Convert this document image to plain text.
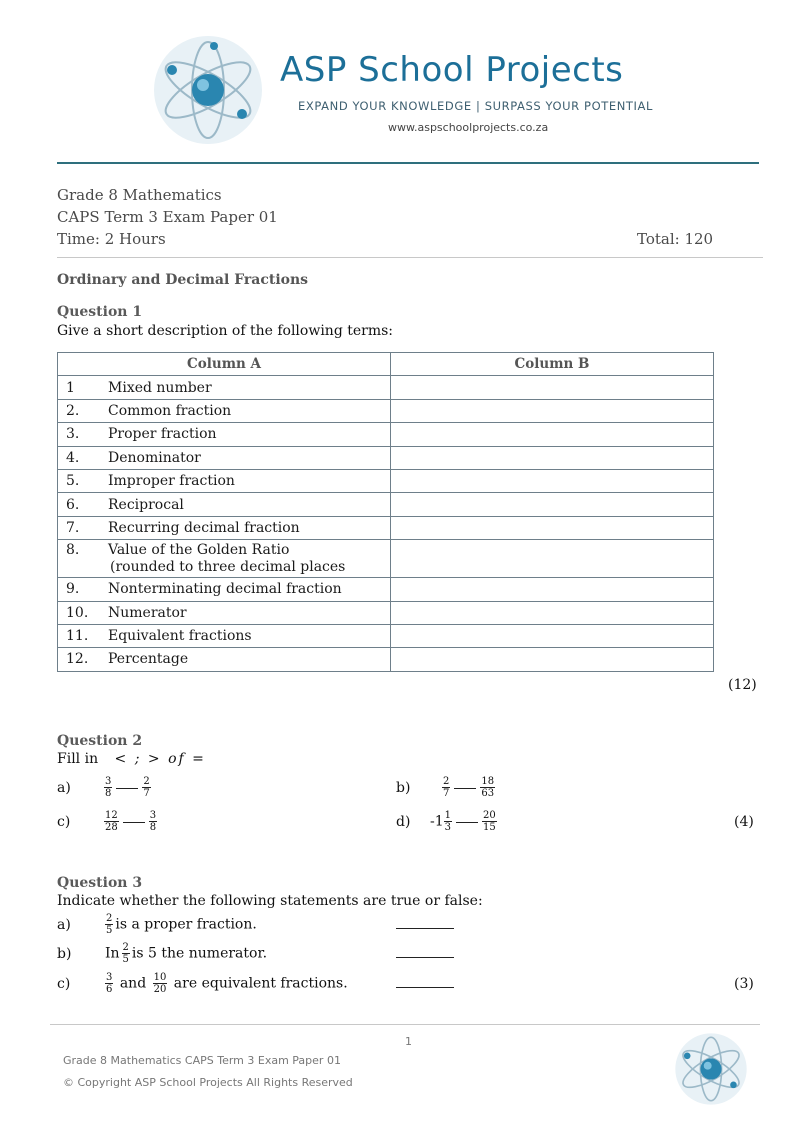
ASP School Projects
EXPAND YOUR KNOWLEDGE | SURPASS YOUR POTENTIAL
www.aspschoolprojects.co.za
Grade 8 Mathematics
CAPS Term 3 Exam Paper 01
Time: 2 Hours	Total: 120
Ordinary and Decimal Fractions
Question 1
Give a short description of the following terms:
Column A		Column B
1	Mixed number	
2.	Common fraction	
3.	Proper fraction	
4.	Denominator	
5.	Improper fraction	
6.	Reciprocal	
7.	Recurring decimal fraction	
8.	Value of the Golden Ratio
(rounded to three decimal places	
9.	Nonterminating decimal fraction	
10.	Numerator	
11.	Equivalent fractions	
12.	Percentage	
(12)
Question 2
Fill in < ; > of =
a)	$\frac{3}{8}$	$\frac{2}{7}$	b)	$\frac{2}{7}$	$\frac{18}{63}$
c)	$\frac{12}{28}$	$\frac{3}{8}$	d) $-1 \frac{1}{3}$	$\frac{20}{15}$	(4)
Question 3
Indicate whether the following statements are true or false:
a)	$\frac{2}{5}$ is a proper fraction.
b) In $\frac{2}{5}$ is 5 the numerator.
c)	$\frac{3}{6}$ and $\frac{10}{20}$ are equivalent fractions.	(3)
1
Grade 8 Mathematics CAPS Term 3 Exam Paper 01
© Copyright ASP School Projects All Rights Reserved
